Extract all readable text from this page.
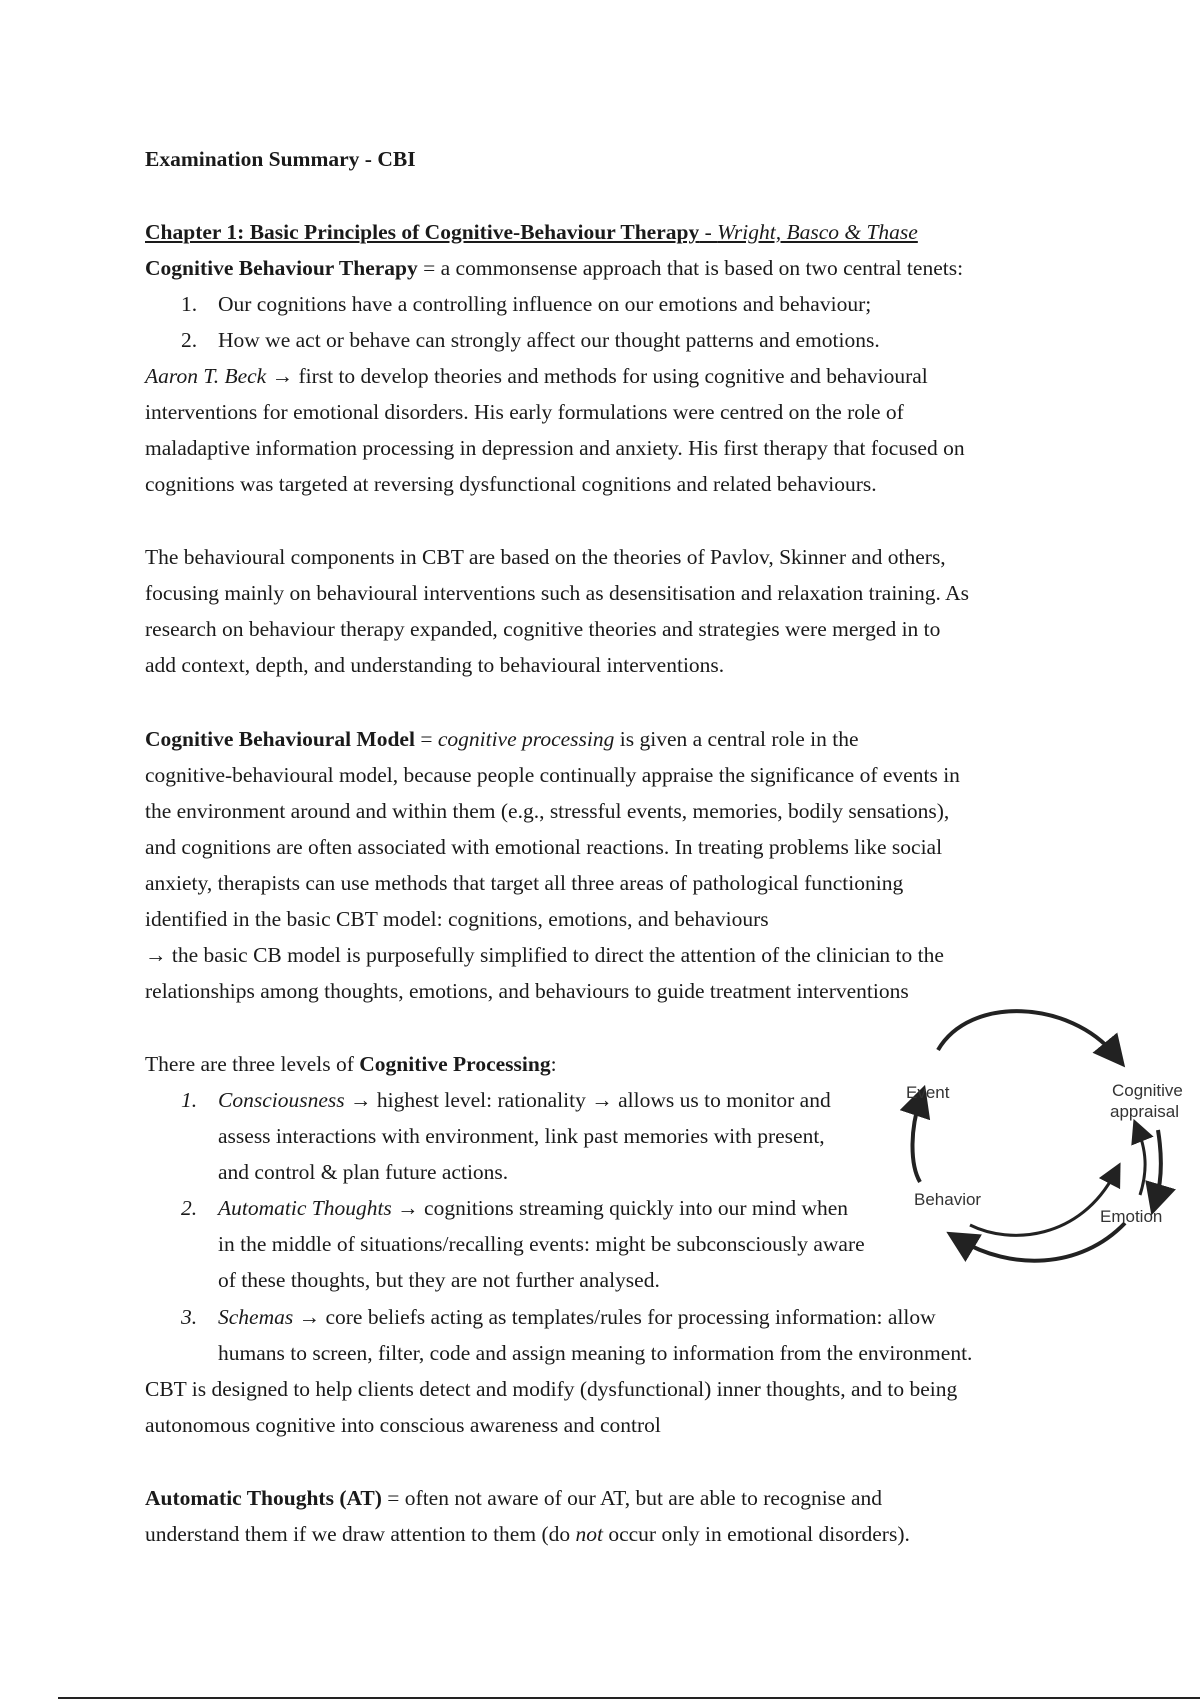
Examination Summary - CBI
Chapter 1: Basic Principles of Cognitive-Behaviour Therapy - Wright, Basco & Thase
Cognitive Behaviour Therapy = a commonsense approach that is based on two central tenets:
1. Our cognitions have a controlling influence on our emotions and behaviour;
2. How we act or behave can strongly affect our thought patterns and emotions.
Aaron T. Beck → first to develop theories and methods for using cognitive and behavioural
interventions for emotional disorders. His early formulations were centred on the role of
maladaptive information processing in depression and anxiety. His first therapy that focused on
cognitions was targeted at reversing dysfunctional cognitions and related behaviours.
The behavioural components in CBT are based on the theories of Pavlov, Skinner and others,
focusing mainly on behavioural interventions such as desensitisation and relaxation training. As
research on behaviour therapy expanded, cognitive theories and strategies were merged in to
add context, depth, and understanding to behavioural interventions.
Cognitive Behavioural Model = cognitive processing is given a central role in the
cognitive-behavioural model, because people continually appraise the significance of events in
the environment around and within them (e.g., stressful events, memories, bodily sensations),
and cognitions are often associated with emotional reactions. In treating problems like social
anxiety, therapists can use methods that target all three areas of pathological functioning
identified in the basic CBT model: cognitions, emotions, and behaviours
→ the basic CB model is purposefully simplified to direct the attention of the clinician to the
relationships among thoughts, emotions, and behaviours to guide treatment interventions
There are three levels of Cognitive Processing:
1. Consciousness → highest level: rationality → allows us to monitor and
assess interactions with environment, link past memories with present,
and control & plan future actions.
2. Automatic Thoughts → cognitions streaming quickly into our mind when
in the middle of situations/recalling events: might be subconsciously aware
of these thoughts, but they are not further analysed.
3. Schemas → core beliefs acting as templates/rules for processing information: allow
humans to screen, filter, code and assign meaning to information from the environment.
CBT is designed to help clients detect and modify (dysfunctional) inner thoughts, and to being
autonomous cognitive into conscious awareness and control
Automatic Thoughts (AT) = often not aware of our AT, but are able to recognise and
understand them if we draw attention to them (do not occur only in emotional disorders).
Event	Cognitive
appraisal
Emotion
Behavior
